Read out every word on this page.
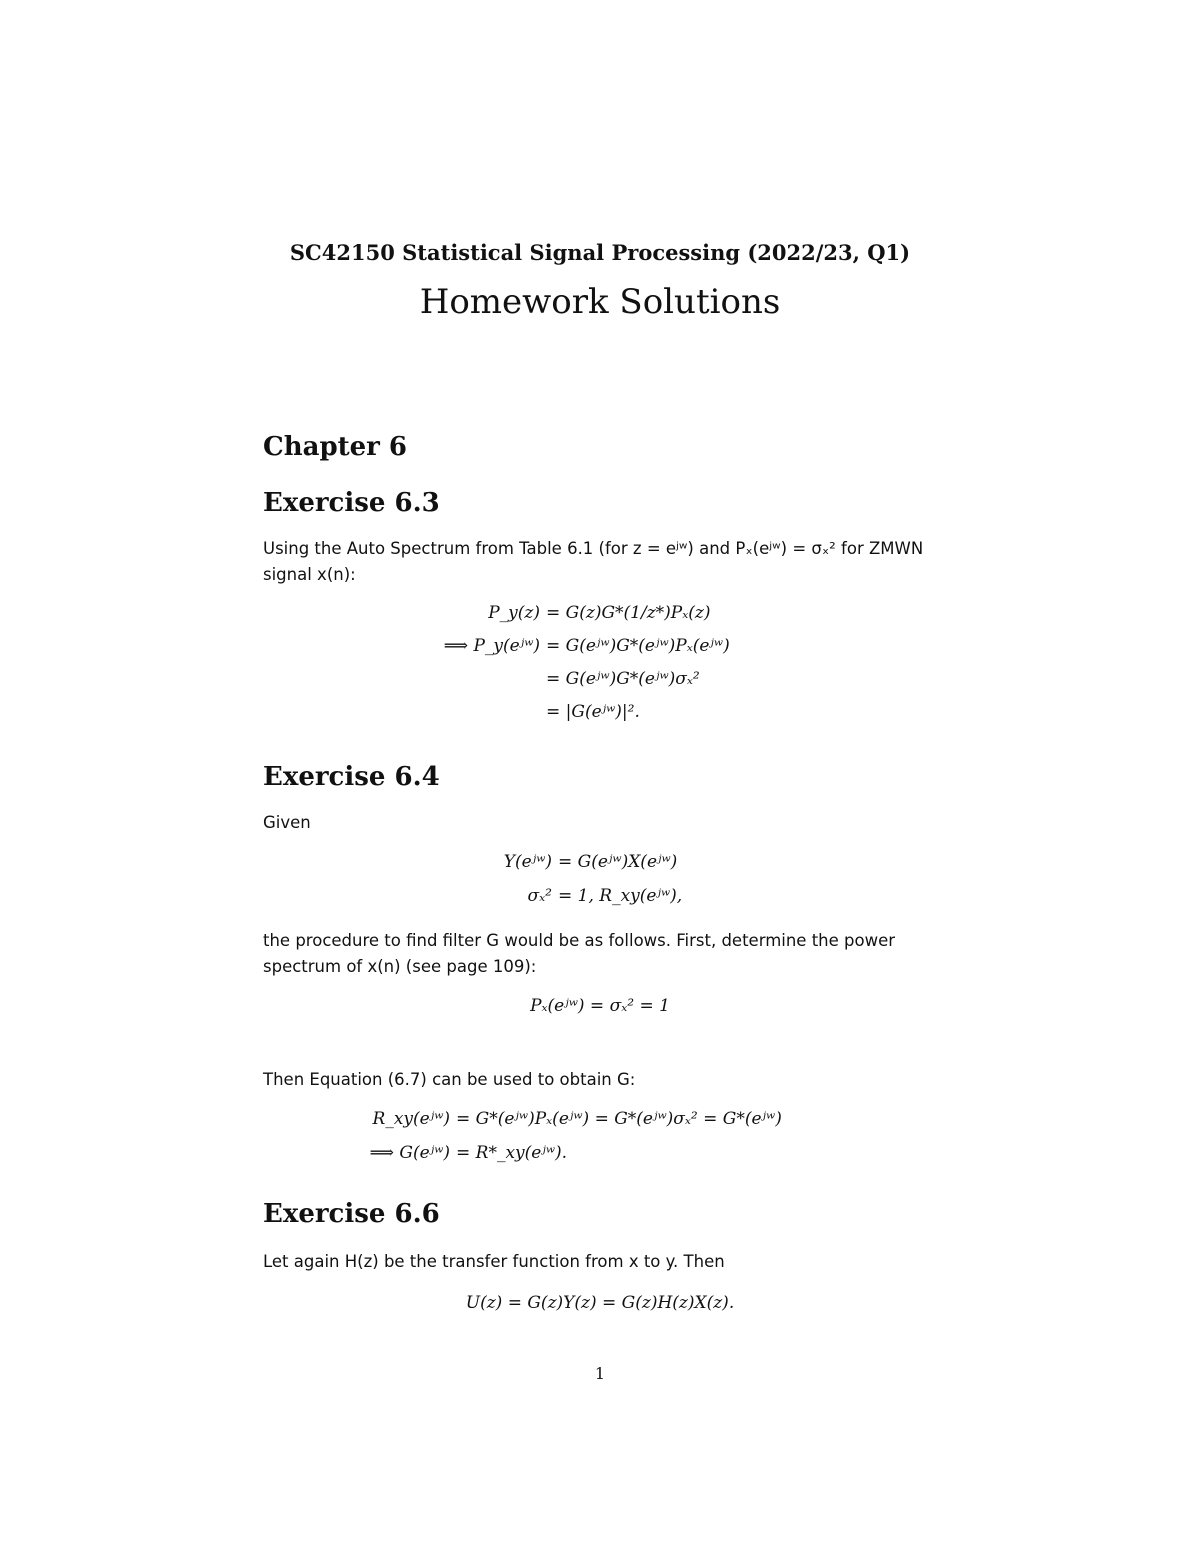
SC42150 Statistical Signal Processing (2022/23, Q1)
Homework Solutions
Chapter 6
Exercise 6.3
Using the Auto Spectrum from Table 6.1 (for z = eʲʷ) and Pₓ(eʲʷ) = σₓ² for ZMWN signal x(n):
P_y(z) = G(z)G*(1/z*)Pₓ(z)
⟹ P_y(eʲʷ) = G(eʲʷ)G*(eʲʷ)Pₓ(eʲʷ)
= G(eʲʷ)G*(eʲʷ)σₓ²
= |G(eʲʷ)|².
Exercise 6.4
Given
Y(eʲʷ) = G(eʲʷ)X(eʲʷ)
σₓ² = 1, R_xy(eʲʷ),
the procedure to find filter G would be as follows. First, determine the power spectrum of x(n) (see page 109):
Pₓ(eʲʷ) = σₓ² = 1
Then Equation (6.7) can be used to obtain G:
R_xy(eʲʷ) = G*(eʲʷ)Pₓ(eʲʷ) = G*(eʲʷ)σₓ² = G*(eʲʷ)
⟹ G(eʲʷ) = R*_xy(eʲʷ).
Exercise 6.6
Let again H(z) be the transfer function from x to y. Then
U(z) = G(z)Y(z) = G(z)H(z)X(z).
1
